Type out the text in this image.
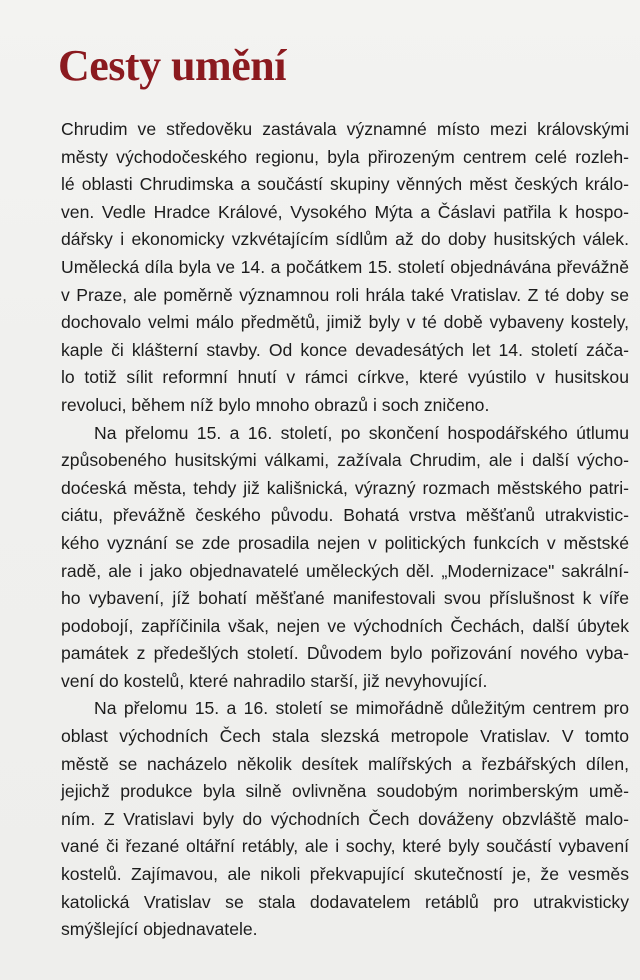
Cesty umění
Chrudim ve středověku zastávala významné místo mezi královskými
městy východočeského regionu, byla přirozeným centrem celé rozleh-
lé oblasti Chrudimska a součástí skupiny věnných měst českých králo-
ven. Vedle Hradce Králové, Vysokého Mýta a Čáslavi patřila k hospo-
dářsky i ekonomicky vzkvétajícím sídlům až do doby husitských válek.
Umělecká díla byla ve 14. a počátkem 15. století objednávána převážně
v Praze, ale poměrně významnou roli hrála také Vratislav. Z té doby se
dochovalo velmi málo předmětů, jimiž byly v té době vybaveny kostely,
kaple či klášterní stavby. Od konce devadesátých let 14. století záča-
lo totiž sílit reformní hnutí v rámci církve, které vyústilo v husitskou
revoluci, během níž bylo mnoho obrazů i soch zničeno.
Na přelomu 15. a 16. století, po skončení hospodářského útlumu
způsobeného husitskými válkami, zažívala Chrudim, ale i další výcho-
doćeská města, tehdy již kališnická, výrazný rozmach městského patri-
ciátu, převážně českého původu. Bohatá vrstva měšťanů utrakvistic-
kého vyznání se zde prosadila nejen v politických funkcích v městské
radě, ale i jako objednavatelé uměleckých děl. „Modernizace" sakrální-
ho vybavení, jíž bohatí měšťané manifestovali svou příslušnost k víře
podobojí, zapříčinila však, nejen ve východních Čechách, další úbytek
památek z předešlých století. Důvodem bylo pořizování nového vyba-
vení do kostelů, které nahradilo starší, již nevyhovující.
Na přelomu 15. a 16. století se mimořádně důležitým centrem pro
oblast východních Čech stala slezská metropole Vratislav. V tomto
městě se nacházelo několik desítek malířských a řezbářských dílen,
jejichž produkce byla silně ovlivněna soudobým norimberským umě-
ním. Z Vratislavi byly do východních Čech dováženy obzvláště malo-
vané či řezané oltářní retábly, ale i sochy, které byly součástí vybavení
kostelů. Zajímavou, ale nikoli překvapující skutečností je, že vesměs
katolická Vratislav se stala dodavatelem retáblů pro utrakvisticky
smýšlející objednavatele.
